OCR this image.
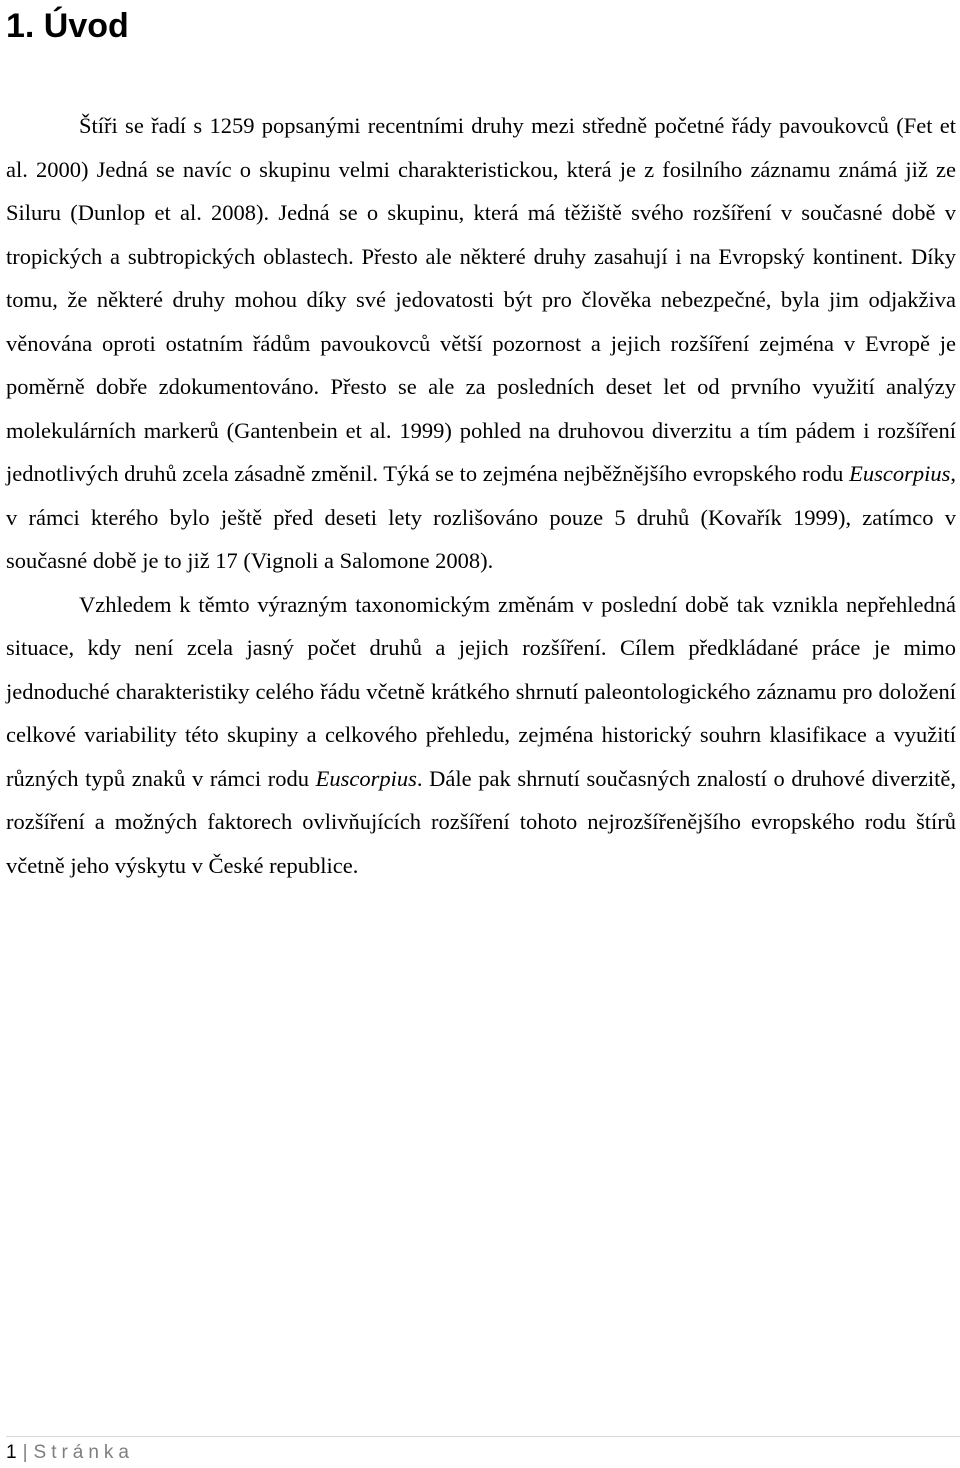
1. Úvod

Štíři se řadí s 1259 popsanými recentními druhy mezi středně početné řády pavoukovců (Fet et al. 2000) Jedná se navíc o skupinu velmi charakteristickou, která je z fosilního záznamu známá již ze Siluru (Dunlop et al. 2008). Jedná se o skupinu, která má těžiště svého rozšíření v současné době v tropických a subtropických oblastech. Přesto ale některé druhy zasahují i na Evropský kontinent. Díky tomu, že některé druhy mohou díky své jedovatosti být pro člověka nebezpečné, byla jim odjakživa věnována oproti ostatním řádům pavoukovců větší pozornost a jejich rozšíření zejména v Evropě je poměrně dobře zdokumentováno. Přesto se ale za posledních deset let od prvního využití analýzy molekulárních markerů (Gantenbein et al. 1999) pohled na druhovou diverzitu a tím pádem i rozšíření jednotlivých druhů zcela zásadně změnil. Týká se to zejména nejběžnějšího evropského rodu Euscorpius, v rámci kterého bylo ještě před deseti lety rozlišováno pouze 5 druhů (Kovařík 1999), zatímco v současné době je to již 17 (Vignoli a Salomone 2008).

Vzhledem k těmto výrazným taxonomickým změnám v poslední době tak vznikla nepřehledná situace, kdy není zcela jasný počet druhů a jejich rozšíření. Cílem předkládané práce je mimo jednoduché charakteristiky celého řádu včetně krátkého shrnutí paleontologického záznamu pro doložení celkové variability této skupiny a celkového přehledu, zejména historický souhrn klasifikace a využití různých typů znaků v rámci rodu Euscorpius. Dále pak shrnutí současných znalostí o druhové diverzitě, rozšíření a možných faktorech ovlivňujících rozšíření tohoto nejrozšířenějšího evropského rodu štírů včetně jeho výskytu v České republice.

1 | Stránka
